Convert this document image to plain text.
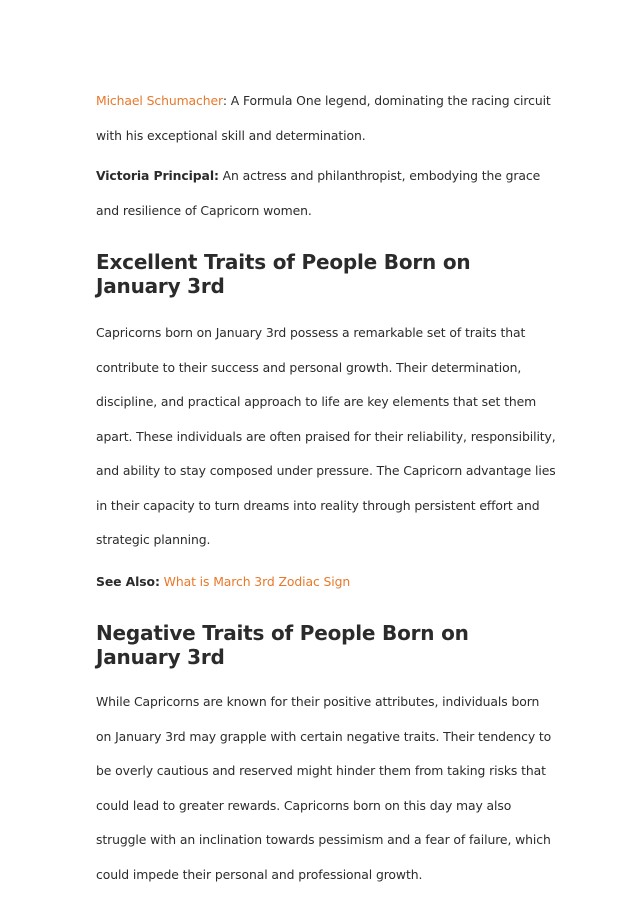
Michael Schumacher: A Formula One legend, dominating the racing circuit with his exceptional skill and determination.

Victoria Principal: An actress and philanthropist, embodying the grace and resilience of Capricorn women.

Excellent Traits of People Born on January 3rd

Capricorns born on January 3rd possess a remarkable set of traits that contribute to their success and personal growth. Their determination, discipline, and practical approach to life are key elements that set them apart. These individuals are often praised for their reliability, responsibility, and ability to stay composed under pressure. The Capricorn advantage lies in their capacity to turn dreams into reality through persistent effort and strategic planning.

See Also: What is March 3rd Zodiac Sign

Negative Traits of People Born on January 3rd

While Capricorns are known for their positive attributes, individuals born on January 3rd may grapple with certain negative traits. Their tendency to be overly cautious and reserved might hinder them from taking risks that could lead to greater rewards. Capricorns born on this day may also struggle with an inclination towards pessimism and a fear of failure, which could impede their personal and professional growth.
